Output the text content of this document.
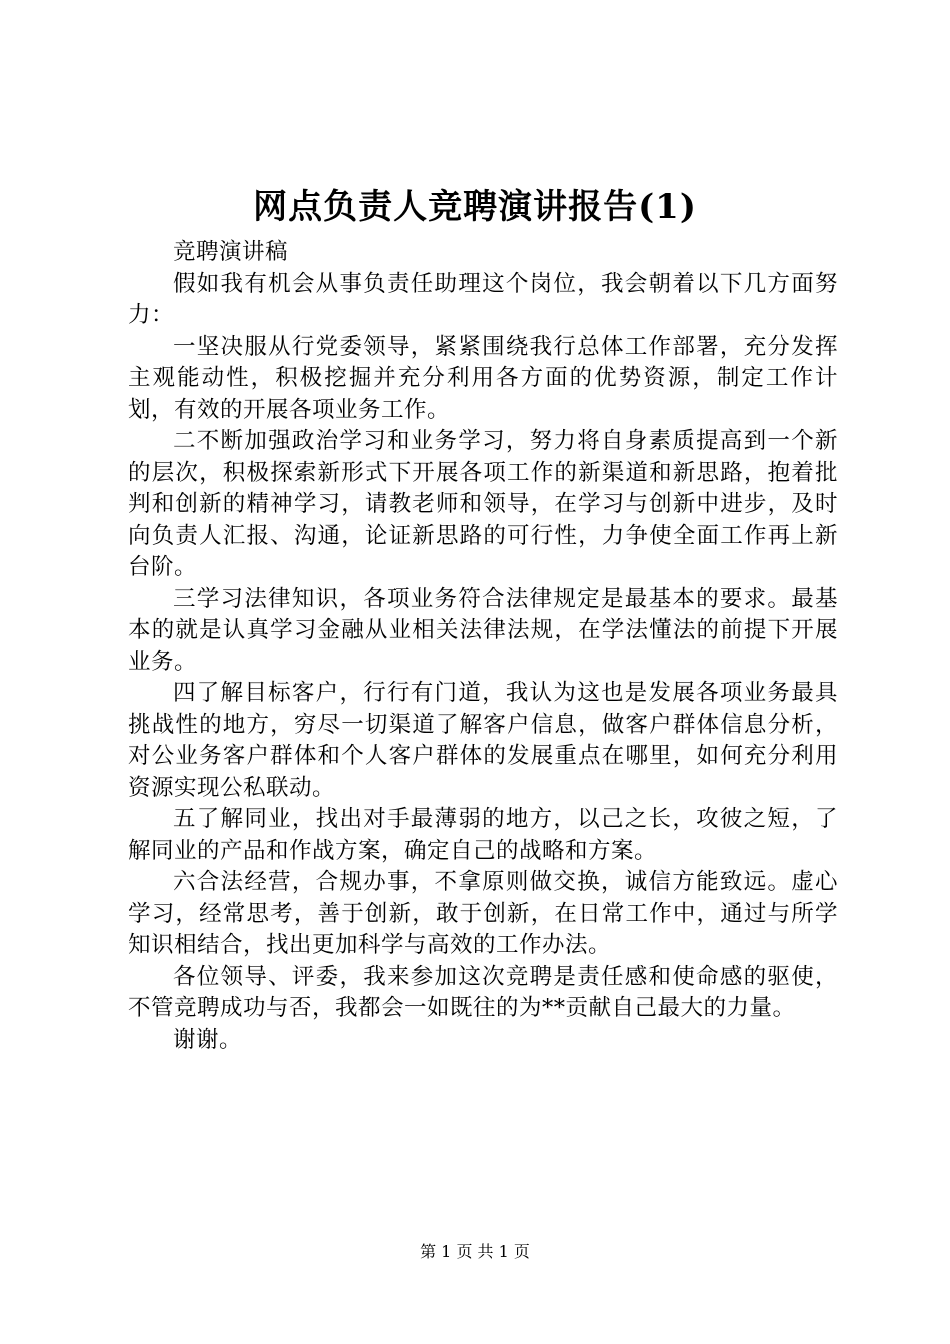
网点负责人竞聘演讲报告(1)

竞聘演讲稿

假如我有机会从事负责任助理这个岗位，我会朝着以下几方面努力：

一坚决服从行党委领导，紧紧围绕我行总体工作部署，充分发挥主观能动性，积极挖掘并充分利用各方面的优势资源，制定工作计划，有效的开展各项业务工作。

二不断加强政治学习和业务学习，努力将自身素质提高到一个新的层次，积极探索新形式下开展各项工作的新渠道和新思路，抱着批判和创新的精神学习，请教老师和领导，在学习与创新中进步，及时向负责人汇报、沟通，论证新思路的可行性，力争使全面工作再上新台阶。

三学习法律知识，各项业务符合法律规定是最基本的要求。最基本的就是认真学习金融从业相关法律法规，在学法懂法的前提下开展业务。

四了解目标客户，行行有门道，我认为这也是发展各项业务最具挑战性的地方，穷尽一切渠道了解客户信息，做客户群体信息分析，对公业务客户群体和个人客户群体的发展重点在哪里，如何充分利用资源实现公私联动。

五了解同业，找出对手最薄弱的地方，以己之长，攻彼之短，了解同业的产品和作战方案，确定自己的战略和方案。

六合法经营，合规办事，不拿原则做交换，诚信方能致远。虚心学习，经常思考，善于创新，敢于创新，在日常工作中，通过与所学知识相结合，找出更加科学与高效的工作办法。

各位领导、评委，我来参加这次竞聘是责任感和使命感的驱使，不管竞聘成功与否，我都会一如既往的为**贡献自己最大的力量。

谢谢。

第 1 页 共 1 页
